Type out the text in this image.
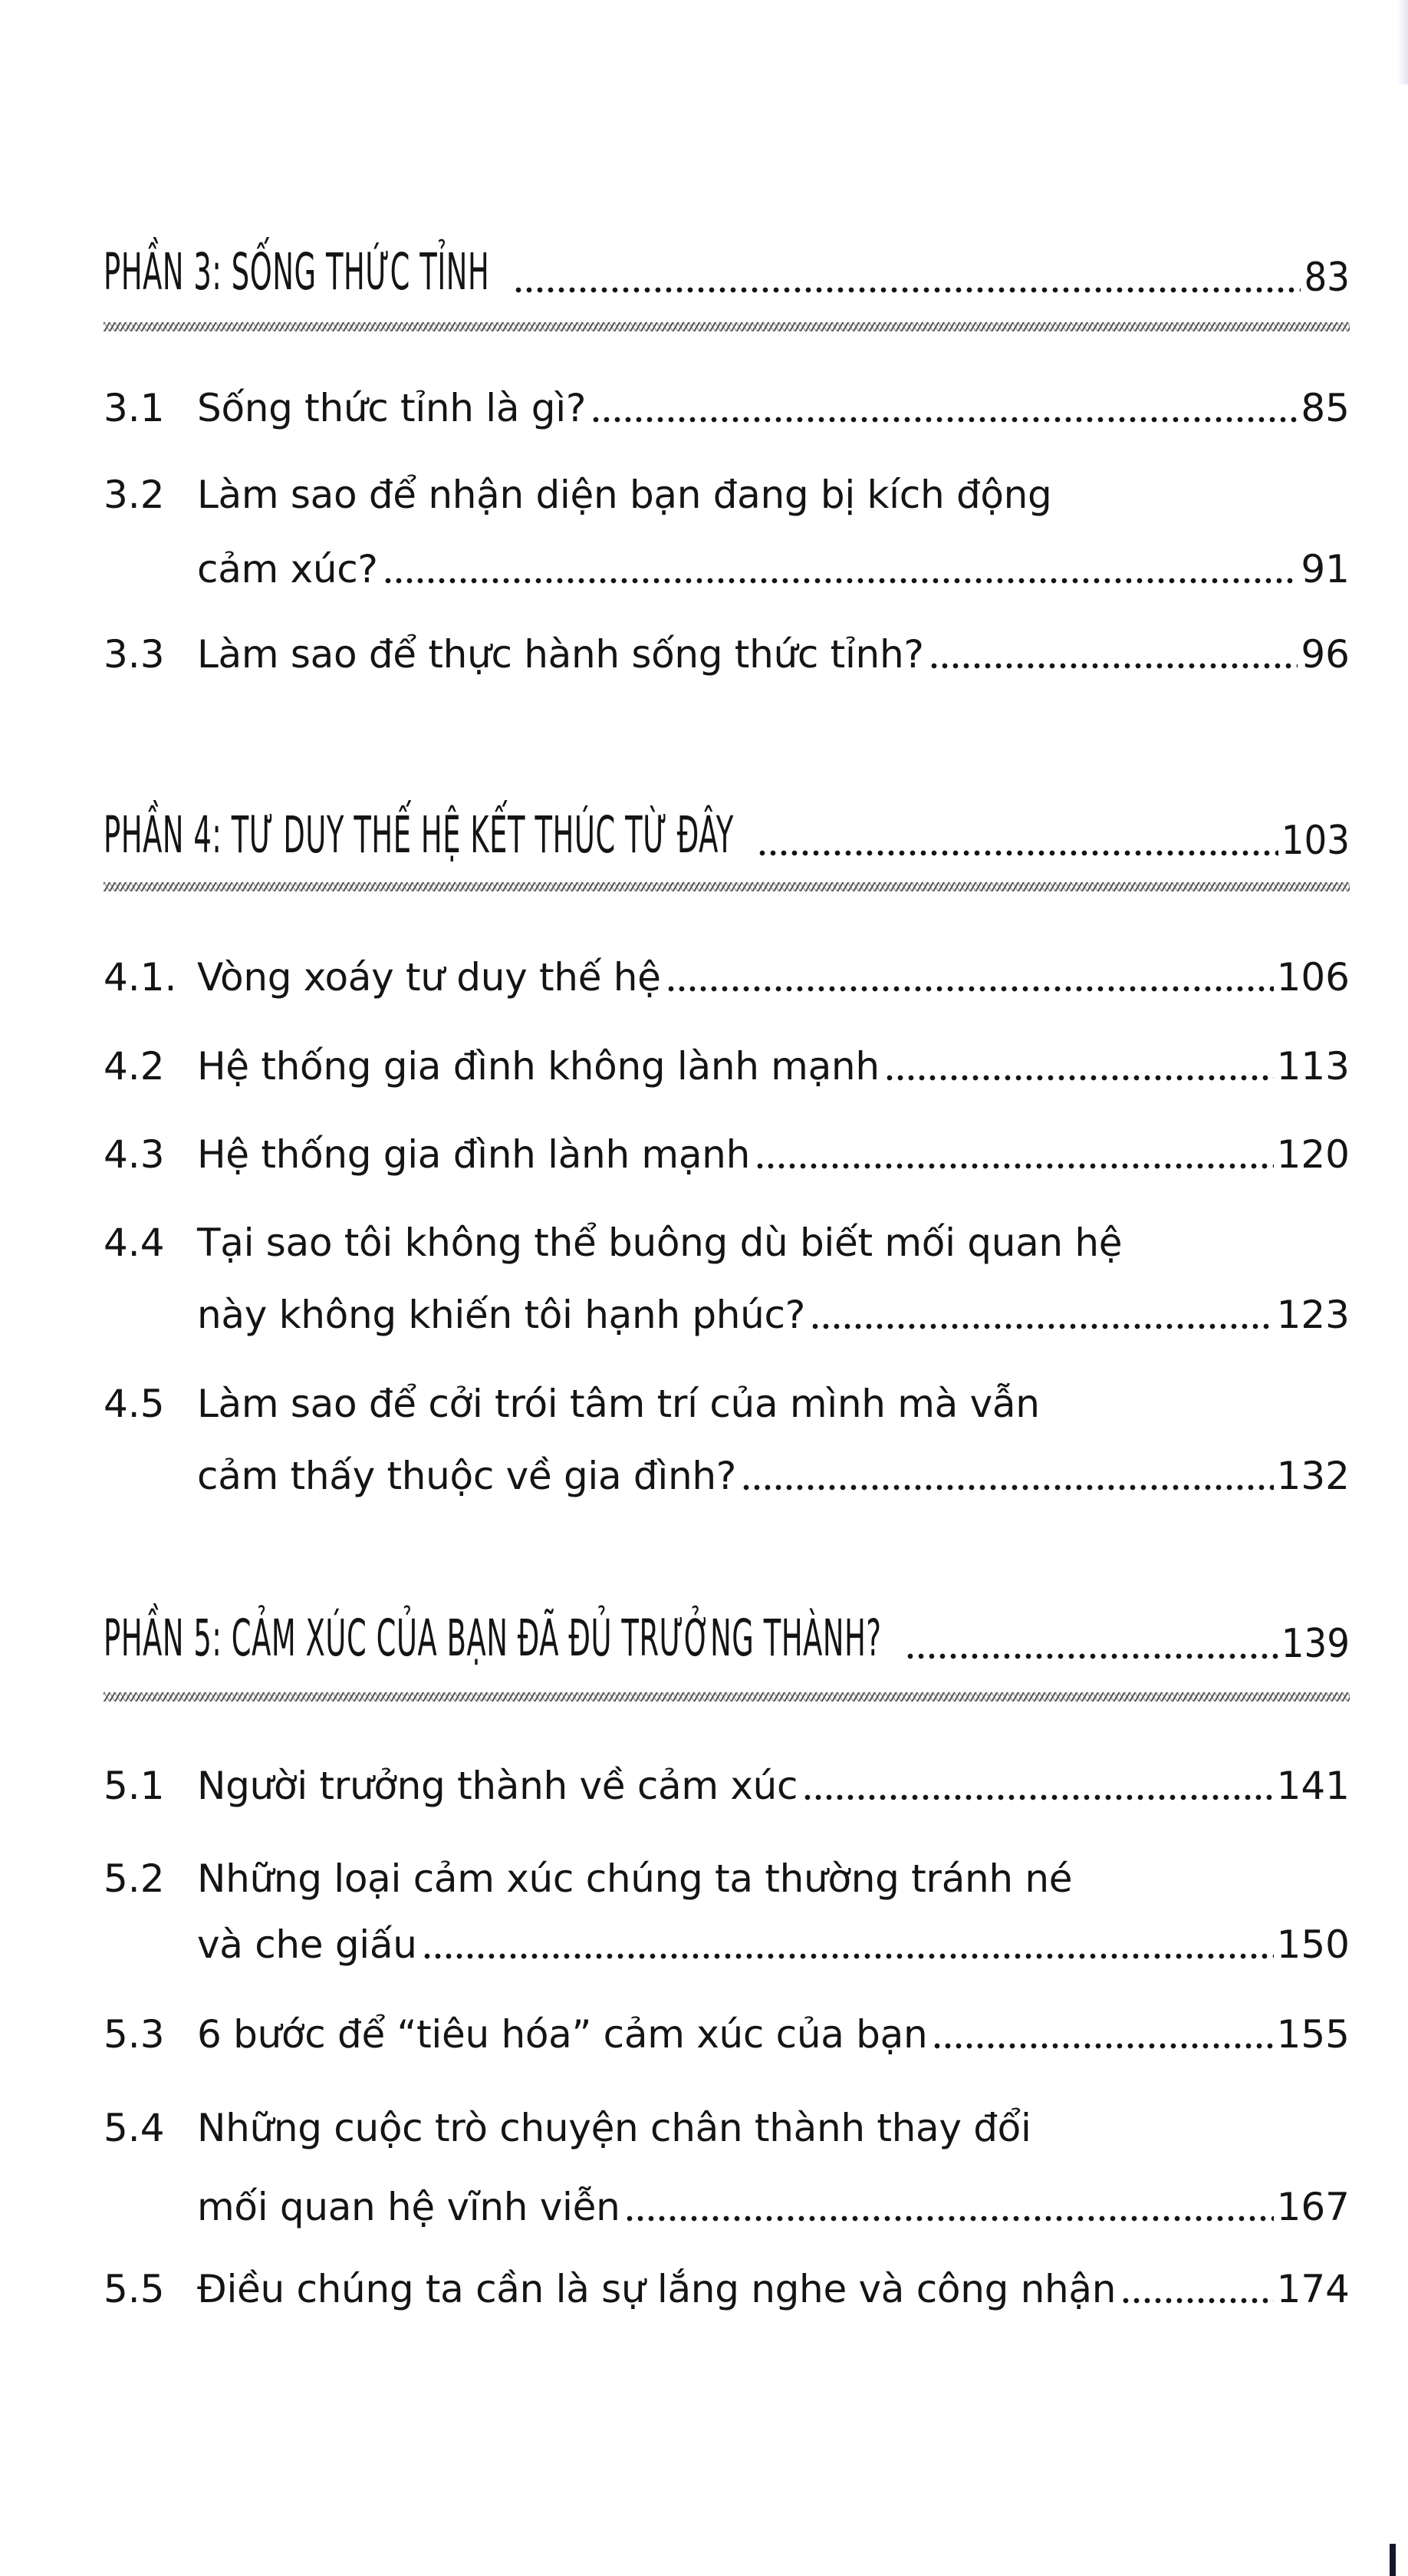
PHẦN 3: SỐNG THỨC TỈNH	83
3.1 Sống thức tỉnh là gì?	85
3.2 Làm sao để nhận diện bạn đang bị kích động
cảm xúc?	91
3.3 Làm sao để thực hành sống thức tỉnh?	96
PHẦN 4: TƯ DUY THẾ HỆ KẾT THÚC TỪ ĐÂY	103
4.1. Vòng xoáy tư duy thế hệ	106
4.2 Hệ thống gia đình không lành mạnh	113
4.3 Hệ thống gia đình lành mạnh	120
4.4 Tại sao tôi không thể buông dù biết mối quan hệ
này không khiến tôi hạnh phúc?	123
4.5 Làm sao để cởi trói tâm trí của mình mà vẫn
cảm thấy thuộc về gia đình?	132
PHẦN 5: CẢM XÚC CỦA BẠN ĐÃ ĐỦ TRƯỞNG THÀNH?	139
5.1 Người trưởng thành về cảm xúc	141
5.2 Những loại cảm xúc chúng ta thường tránh né
và che giấu	150
5.3 6 bước để “tiêu hóa” cảm xúc của bạn	155
5.4 Những cuộc trò chuyện chân thành thay đổi
mối quan hệ vĩnh viễn	167
5.5 Điều chúng ta cần là sự lắng nghe và công nhận	174
